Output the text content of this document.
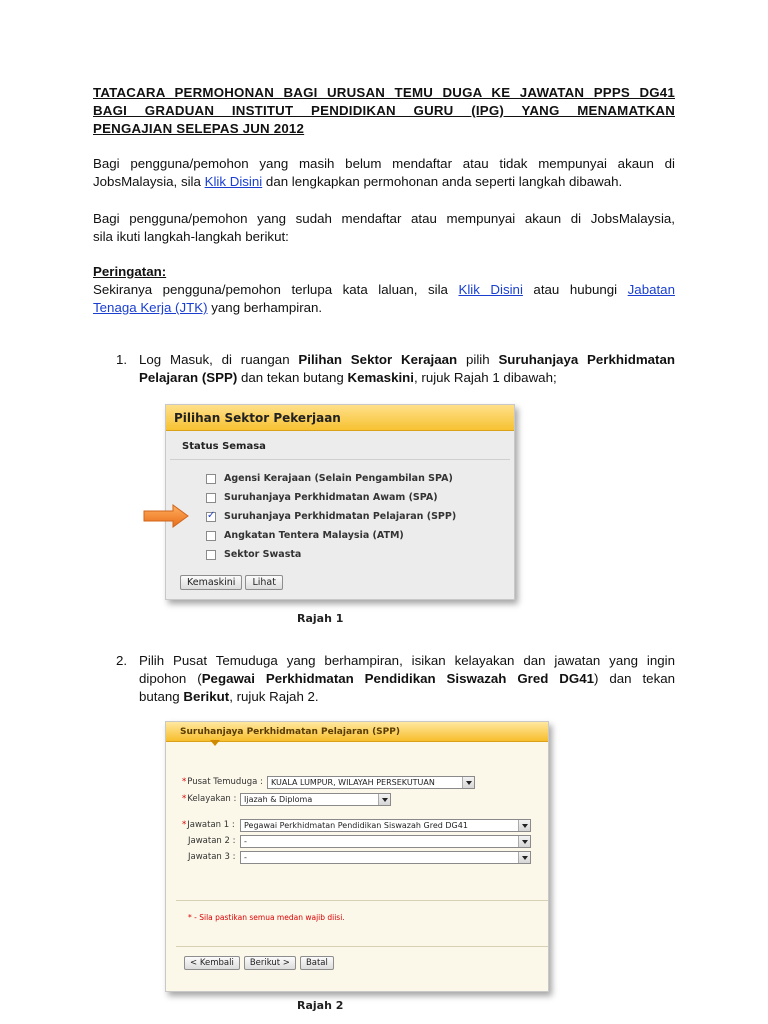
TATACARA PERMOHONAN BAGI URUSAN TEMU DUGA KE JAWATAN PPPS DG41
BAGI GRADUAN INSTITUT PENDIDIKAN GURU (IPG) YANG MENAMATKAN
PENGAJIAN SELEPAS JUN 2012
Bagi pengguna/pemohon yang masih belum mendaftar atau tidak mempunyai akaun di
JobsMalaysia, sila Klik Disini dan lengkapkan permohonan anda seperti langkah dibawah.
Bagi pengguna/pemohon yang sudah mendaftar atau mempunyai akaun di JobsMalaysia,
sila ikuti langkah-langkah berikut:
Peringatan:
Sekiranya pengguna/pemohon terlupa kata laluan, sila Klik Disini atau hubungi Jabatan
Tenaga Kerja (JTK) yang berhampiran.
1. Log Masuk, di ruangan Pilihan Sektor Kerajaan pilih Suruhanjaya Perkhidmatan
Pelajaran (SPP) dan tekan butang Kemaskini, rujuk Rajah 1 dibawah;
Pilihan Sektor Pekerjaan
Status Semasa
Agensi Kerajaan (Selain Pengambilan SPA)
Suruhanjaya Perkhidmatan Awam (SPA)
✓
Suruhanjaya Perkhidmatan Pelajaran (SPP)
Angkatan Tentera Malaysia (ATM)
Sektor Swasta
Kemaskini	Lihat
Rajah 1
2. Pilih Pusat Temuduga yang berhampiran, isikan kelayakan dan jawatan yang ingin
dipohon (Pegawai Perkhidmatan Pendidikan Siswazah Gred DG41) dan tekan
butang Berikut, rujuk Rajah 2.
Suruhanjaya Perkhidmatan Pelajaran (SPP)
* Pusat Temuduga :	KUALA LUMPUR, WILAYAH PERSEKUTUAN
* Kelayakan : Ijazah & Diploma
* Jawatan 1 :	Pegawai Perkhidmatan Pendidikan Siswazah Gred DG41
Jawatan 2 :	-
Jawatan 3 :	-
* - Sila pastikan semua medan wajib diisi.
< Kembali	Berikut >	Batal
Rajah 2
